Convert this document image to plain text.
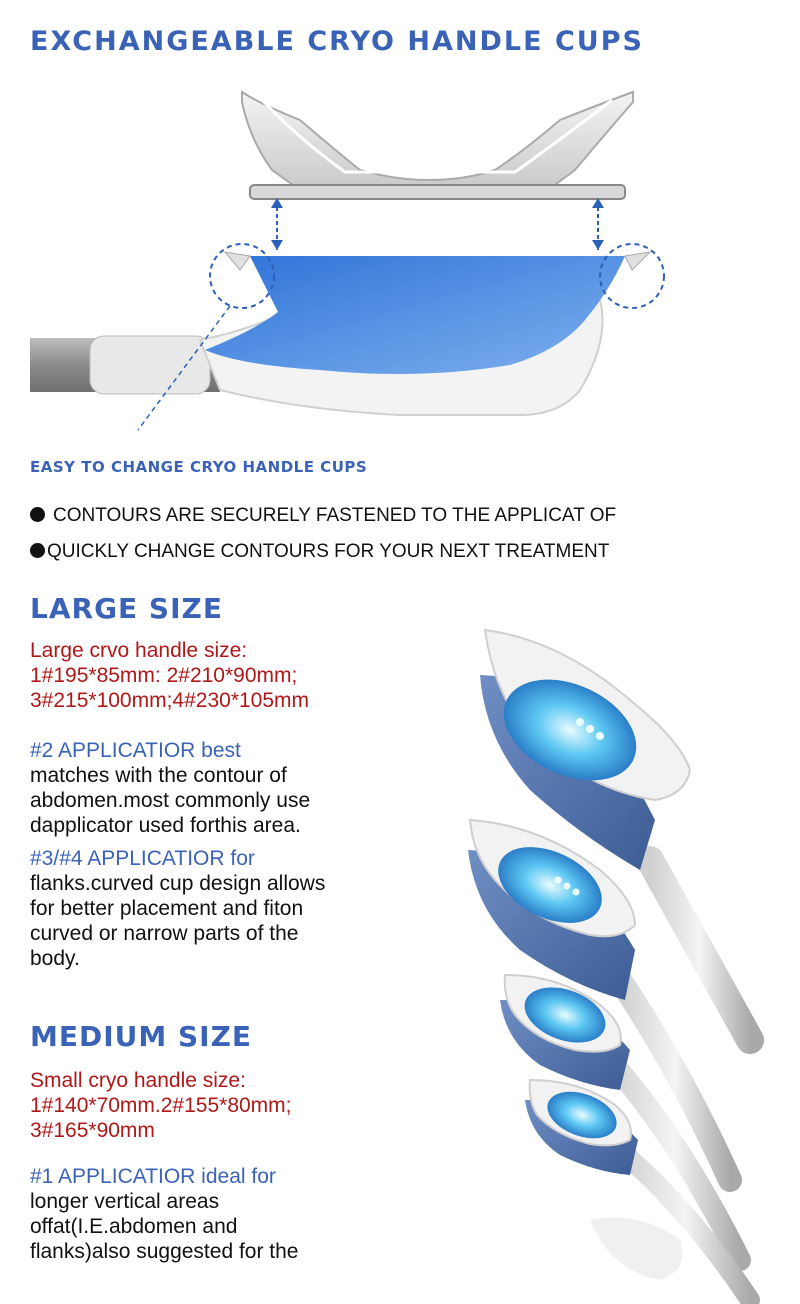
EXCHANGEABLE CRYO HANDLE CUPS
EASY TO CHANGE CRYO HANDLE CUPS
CONTOURS ARE SECURELY FASTENED TO THE APPLICAT OF
QUICKLY CHANGE CONTOURS FOR YOUR NEXT TREATMENT
LARGE SIZE
Large crvo handle size:
1#195*85mm: 2#210*90mm;
3#215*100mm;4#230*105mm
#2 APPLICATIOR best
matches with the contour of
abdomen.most commonly use
dapplicator used forthis area.
#3/#4 APPLICATIOR for
flanks.curved cup design allows
for better placement and fiton
curved or narrow parts of the
body.
MEDIUM SIZE
Small cryo handle size:
1#140*70mm.2#155*80mm;
3#165*90mm
#1 APPLICATIOR ideal for
longer vertical areas
offat(I.E.abdomen and
flanks)also suggested for the
